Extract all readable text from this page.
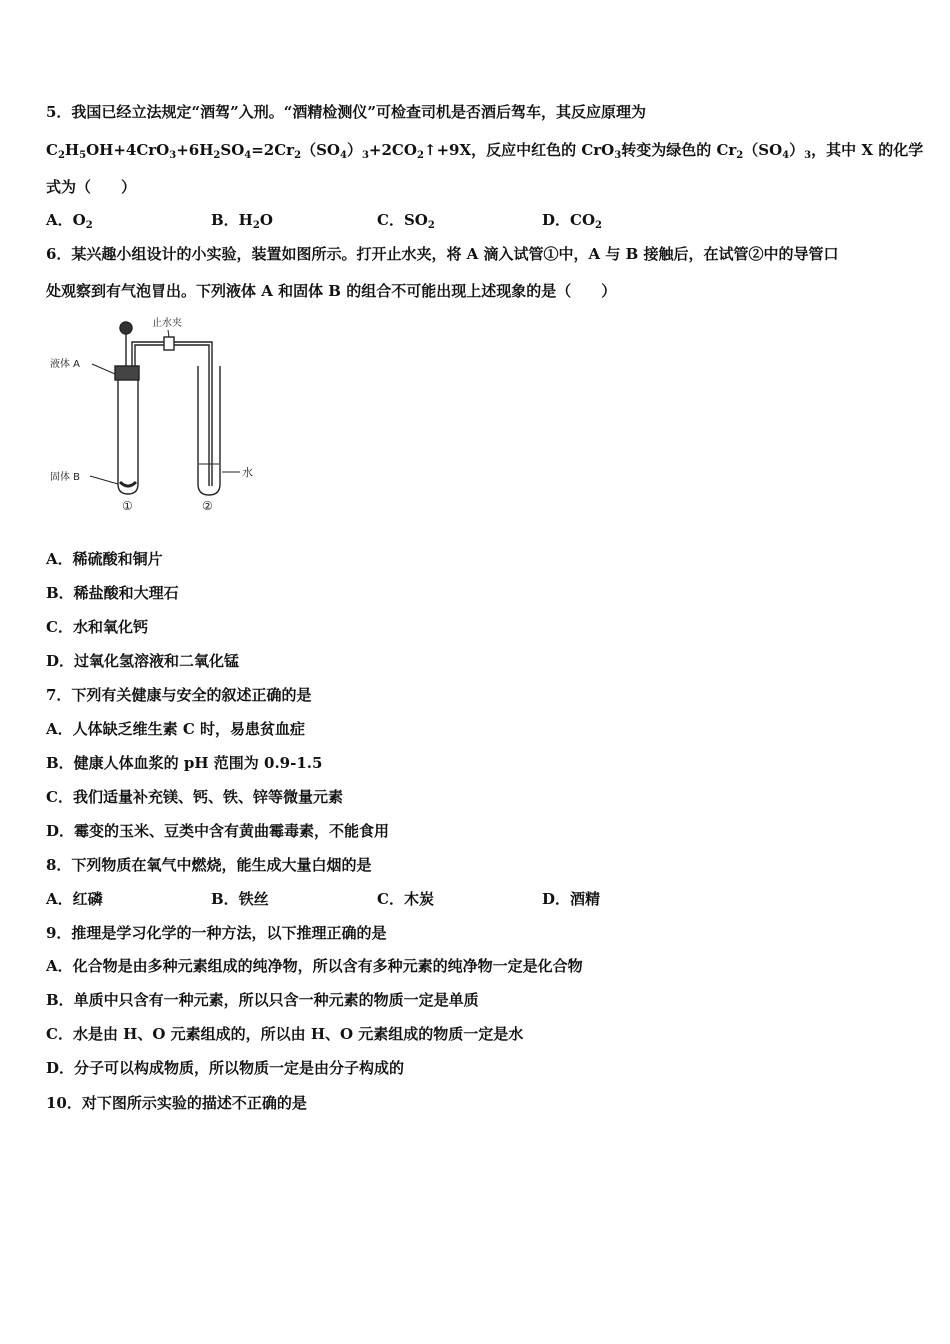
5．我国已经立法规定“酒驾”入刑。“酒精检测仪”可检查司机是否酒后驾车，其反应原理为
$C_2H_5OH+4CrO_3+6H_2SO_4=2Cr_2(SO_4)_3+2CO_2↑+9X$，反应中红色的 CrO$_3$转变为绿色的 $Cr_2(SO_4)_3$，其中 X 的化学
式为（　　）
A．$O_2$	B．$H_2O$	C．$SO_2$	D．$CO_2$
6．某兴趣小组设计的小实验，装置如图所示。打开止水夹，将 A 滴入试管①中，A 与 B 接触后，在试管②中的导管口
处观察到有气泡冒出。下列液体 A 和固体 B 的组合不可能出现上述现象的是（　　）
止水夹
液体 A
固体 B	水
①	②
A．稀硫酸和铜片
B．稀盐酸和大理石
C．水和氧化钙
D．过氧化氢溶液和二氧化锰
7．下列有关健康与安全的叙述正确的是
A．人体缺乏维生素 C 时，易患贫血症
B．健康人体血浆的 pH 范围为 0.9-1.5
C．我们适量补充镁、钙、铁、锌等微量元素
D．霉变的玉米、豆类中含有黄曲霉毒素，不能食用
8．下列物质在氧气中燃烧，能生成大量白烟的是
A．红磷	B．铁丝	C．木炭	D．酒精
9．推理是学习化学的一种方法，以下推理正确的是
A．化合物是由多种元素组成的纯净物，所以含有多种元素的纯净物一定是化合物
B．单质中只含有一种元素，所以只含一种元素的物质一定是单质
C．水是由 H、O 元素组成的，所以由 H、O 元素组成的物质一定是水
D．分子可以构成物质，所以物质一定是由分子构成的
10．对下图所示实验的描述不正确的是
